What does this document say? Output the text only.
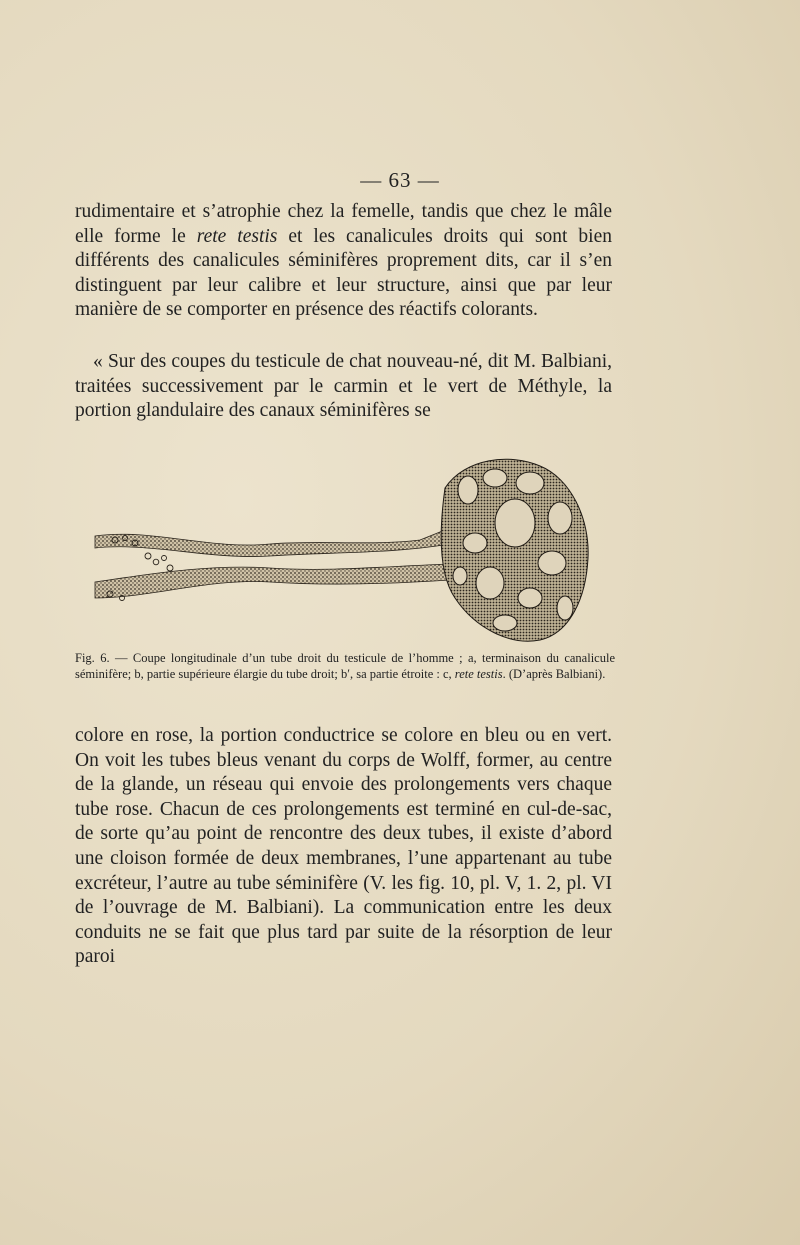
— 63 —

rudimentaire et s’atrophie chez la femelle, tandis que chez le mâle elle forme le rete testis et les canalicules droits qui sont bien différents des canalicules séminifères proprement dits, car il s’en distinguent par leur calibre et leur structure, ainsi que par leur manière de se comporter en présence des réactifs colorants.

« Sur des coupes du testicule de chat nouveau-né, dit M. Balbiani, traitées successivement par le carmin et le vert de Méthyle, la portion glandulaire des canaux séminifères se

Fig. 6. — Coupe longitudinale d’un tube droit du testicule de l’homme ; a, terminaison du canalicule séminifère; b, partie supérieure élargie du tube droit; b′, sa partie étroite : c, rete testis. (D’après Balbiani).

colore en rose, la portion conductrice se colore en bleu ou en vert. On voit les tubes bleus venant du corps de Wolff, former, au centre de la glande, un réseau qui envoie des prolongements vers chaque tube rose. Chacun de ces prolongements est terminé en cul-de-sac, de sorte qu’au point de rencontre des deux tubes, il existe d’abord une cloison formée de deux membranes, l’une appartenant au tube excréteur, l’autre au tube séminifère (V. les fig. 10, pl. V, 1. 2, pl. VI de l’ouvrage de M. Balbiani). La communication entre les deux conduits ne se fait que plus tard par suite de la résorption de leur paroi
